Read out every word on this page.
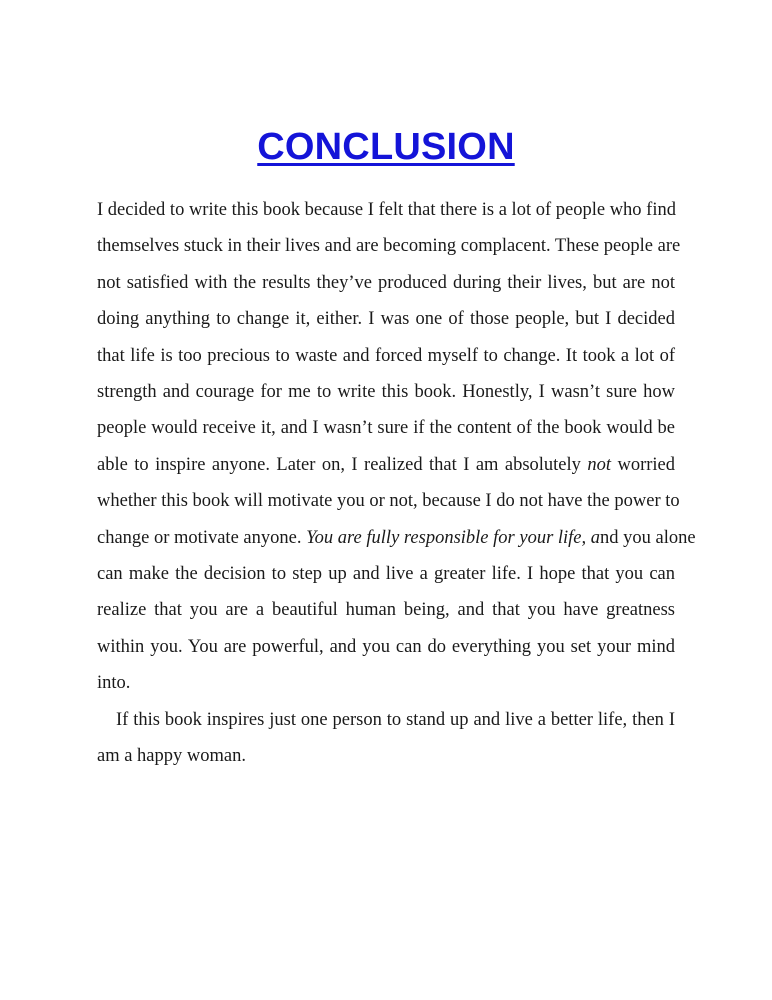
CONCLUSION

I decided to write this book because I felt that there is a lot of people who find
themselves stuck in their lives and are becoming complacent. These people are
not satisfied with the results they’ve produced during their lives, but are not
doing anything to change it, either. I was one of those people, but I decided
that life is too precious to waste and forced myself to change. It took a lot of
strength and courage for me to write this book. Honestly, I wasn’t sure how
people would receive it, and I wasn’t sure if the content of the book would be
able to inspire anyone. Later on, I realized that I am absolutely not worried
whether this book will motivate you or not, because I do not have the power to
change or motivate anyone. You are fully responsible for your life, and you alone
can make the decision to step up and live a greater life. I hope that you can
realize that you are a beautiful human being, and that you have greatness
within you. You are powerful, and you can do everything you set your mind
into.

If this book inspires just one person to stand up and live a better life, then I
am a happy woman.
